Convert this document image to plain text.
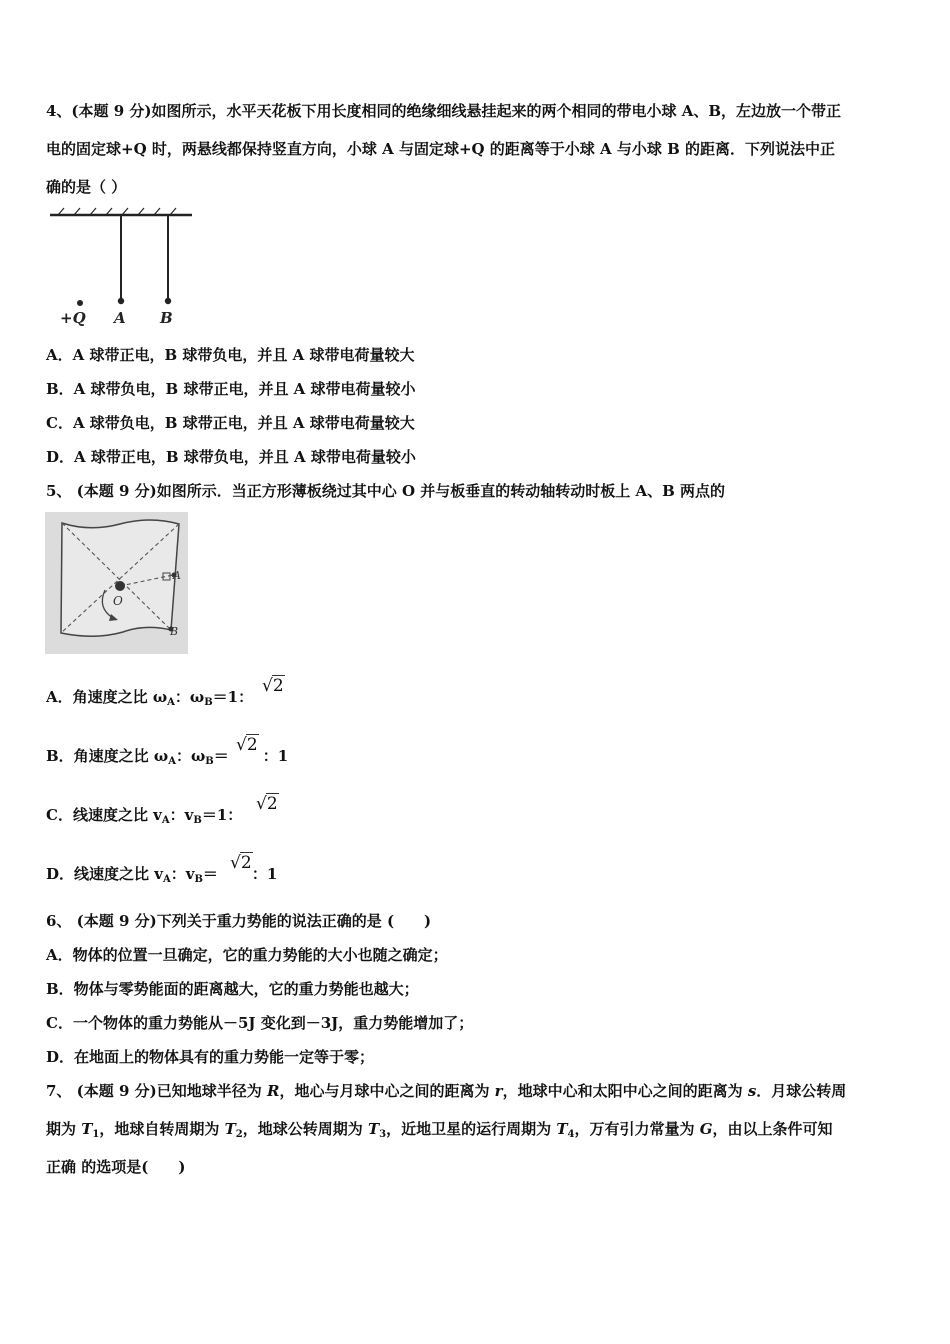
4、(本题 9 分)如图所示，水平天花板下用长度相同的绝缘细线悬挂起来的两个相同的带电小球 A、B，左边放一个带正
电的固定球+Q 时，两悬线都保持竖直方向，小球 A 与固定球+Q 的距离等于小球 A 与小球 B 的距离．下列说法中正
确的是（ ）
+Q A B
A．A 球带正电，B 球带负电，并且 A 球带电荷量较大
B．A 球带负电，B 球带正电，并且 A 球带电荷量较小
C．A 球带负电，B 球带正电，并且 A 球带电荷量较大
D．A 球带正电，B 球带负电，并且 A 球带电荷量较小
5、 (本题 9 分)如图所示．当正方形薄板绕过其中心 O 并与板垂直的转动轴转动时板上 A、B 两点的
O
A
B
A．角速度之比 $\omega_A$：$\omega_B=1$：
√2
B．角速度之比 $\omega_A$：$\omega_B=$ ：1
√2
C．线速度之比 $v_A$：$v_B=1$：
√2
D．线速度之比 $v_A$：$v_B=$ ：1
√2
6、 (本题 9 分)下列关于重力势能的说法正确的是 (　　)
A．物体的位置一旦确定，它的重力势能的大小也随之确定；
B．物体与零势能面的距离越大，它的重力势能也越大；
C．一个物体的重力势能从－5J 变化到－3J，重力势能增加了；
D．在地面上的物体具有的重力势能一定等于零；
7、 (本题 9 分)已知地球半径为 R，地心与月球中心之间的距离为 r，地球中心和太阳中心之间的距离为 s．月球公转周
期为 $T_1$，地球自转周期为 $T_2$，地球公转周期为 $T_3$，近地卫星的运行周期为 $T_4$，万有引力常量为 G，由以上条件可知
正确 的选项是(　　)
